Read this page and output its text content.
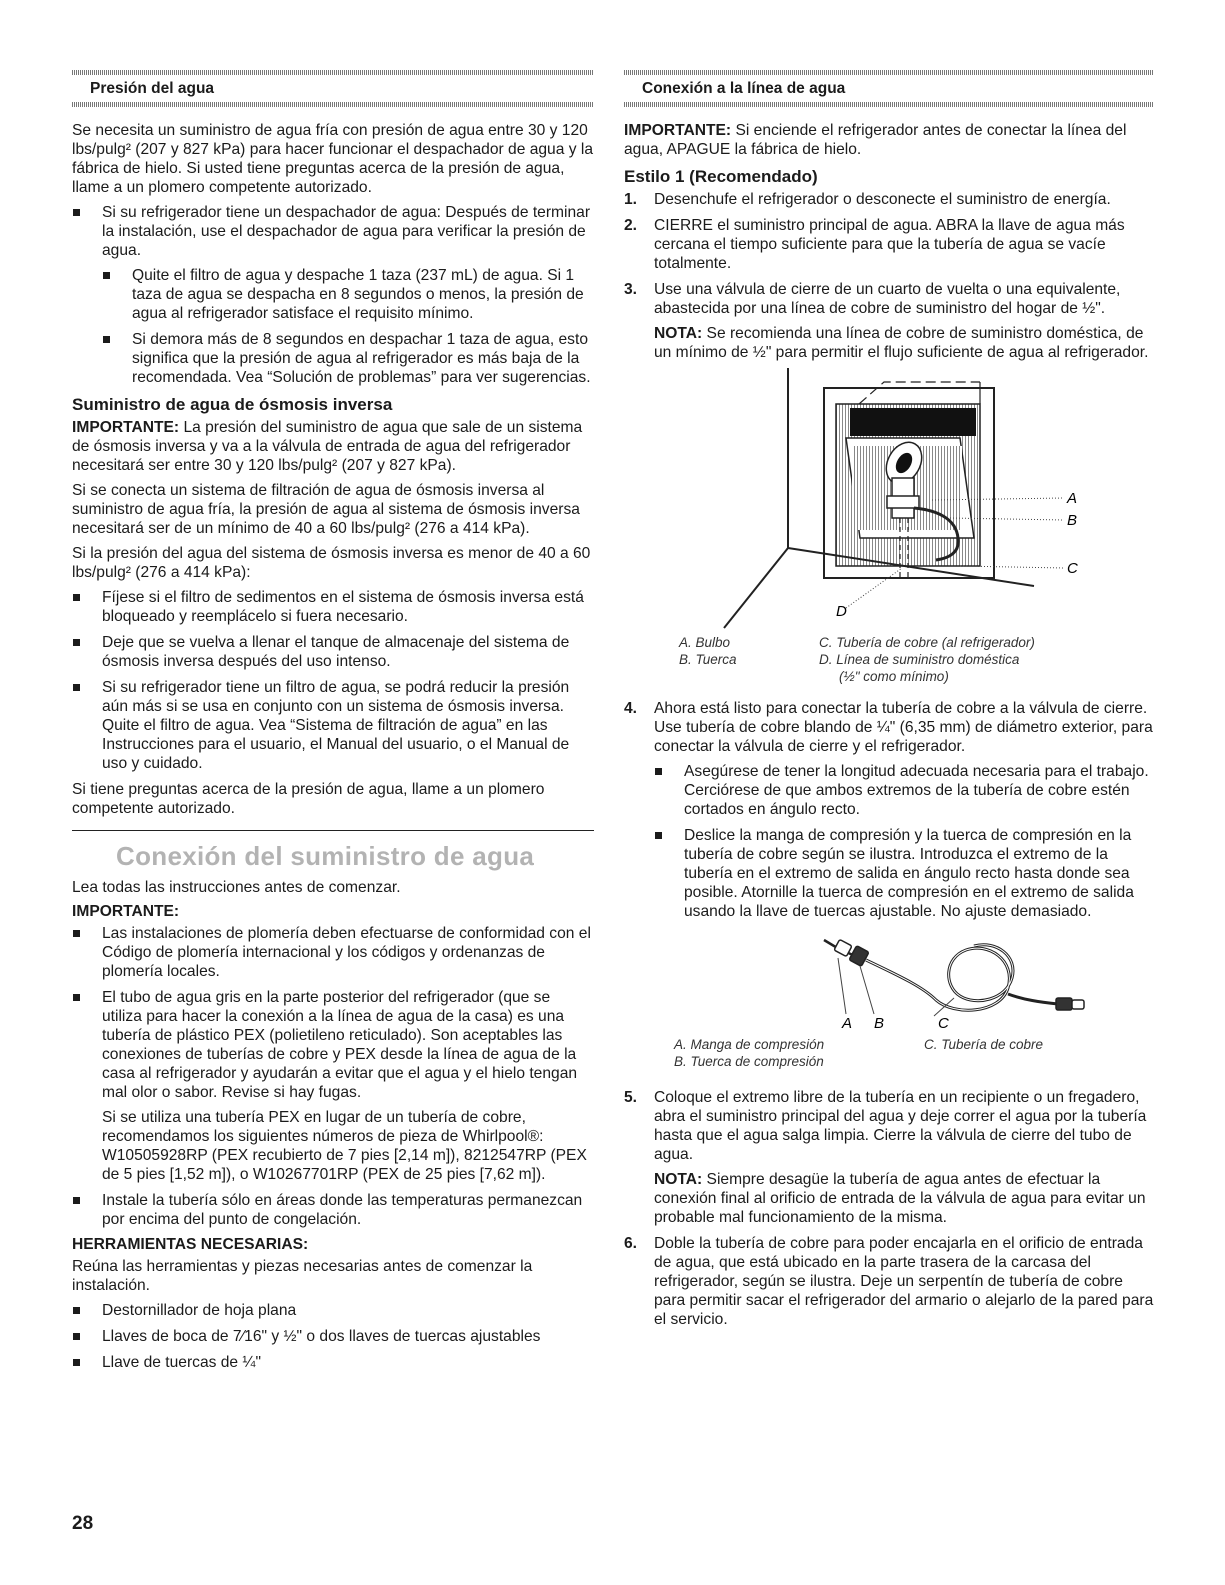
Presión del agua

Se necesita un suministro de agua fría con presión de agua entre 30 y 120 lbs/pulg² (207 y 827 kPa) para hacer funcionar el despachador de agua y la fábrica de hielo. Si usted tiene preguntas acerca de la presión de agua, llame a un plomero competente autorizado.

Si su refrigerador tiene un despachador de agua: Después de terminar la instalación, use el despachador de agua para verificar la presión de agua.
Quite el filtro de agua y despache 1 taza (237 mL) de agua. Si 1 taza de agua se despacha en 8 segundos o menos, la presión de agua al refrigerador satisface el requisito mínimo.
Si demora más de 8 segundos en despachar 1 taza de agua, esto significa que la presión de agua al refrigerador es más baja de la recomendada. Vea “Solución de problemas” para ver sugerencias.
Suministro de agua de ósmosis inversa

IMPORTANTE: La presión del suministro de agua que sale de un sistema de ósmosis inversa y va a la válvula de entrada de agua del refrigerador necesitará ser entre 30 y 120 lbs/pulg² (207 y 827 kPa).

Si se conecta un sistema de filtración de agua de ósmosis inversa al suministro de agua fría, la presión de agua al sistema de ósmosis inversa necesitará ser de un mínimo de 40 a 60 lbs/pulg² (276 a 414 kPa).

Si la presión del agua del sistema de ósmosis inversa es menor de 40 a 60 lbs/pulg² (276 a 414 kPa):

Fíjese si el filtro de sedimentos en el sistema de ósmosis inversa está bloqueado y reemplácelo si fuera necesario.
Deje que se vuelva a llenar el tanque de almacenaje del sistema de ósmosis inversa después del uso intenso.
Si su refrigerador tiene un filtro de agua, se podrá reducir la presión aún más si se usa en conjunto con un sistema de ósmosis inversa. Quite el filtro de agua. Vea “Sistema de filtración de agua” en las Instrucciones para el usuario, el Manual del usuario, o el Manual de uso y cuidado.

Si tiene preguntas acerca de la presión de agua, llame a un plomero competente autorizado.

Conexión del suministro de agua

Lea todas las instrucciones antes de comenzar.

IMPORTANTE:
Las instalaciones de plomería deben efectuarse de conformidad con el Código de plomería internacional y los códigos y ordenanzas de plomería locales.

El tubo de agua gris en la parte posterior del refrigerador (que se utiliza para hacer la conexión a la línea de agua de la casa) es una tubería de plástico PEX (polietileno reticulado). Son aceptables las conexiones de tuberías de cobre y PEX desde la línea de agua de la casa al refrigerador y ayudarán a evitar que el agua y el hielo tengan mal olor o sabor. Revise si hay fugas.

Si se utiliza una tubería PEX en lugar de un tubería de cobre, recomendamos los siguientes números de pieza de Whirlpool®: W10505928RP (PEX recubierto de 7 pies [2,14 m]), 8212547RP (PEX de 5 pies [1,52 m]), o W10267701RP (PEX de 25 pies [7,62 m]).

Instale la tubería sólo en áreas donde las temperaturas permanezcan por encima del punto de congelación.
HERRAMIENTAS NECESARIAS:

Reúna las herramientas y piezas necesarias antes de comenzar la instalación.

Destornillador de hoja plana
Llaves de boca de 7⁄16" y ½" o dos llaves de tuercas ajustables
Llave de tuercas de ¼"
Conexión a la línea de agua

IMPORTANTE: Si enciende el refrigerador antes de conectar la línea del agua, APAGUE la fábrica de hielo.

Estilo 1 (Recomendado)
1. Desenchufe el refrigerador o desconecte el suministro de energía.
2. CIERRE el suministro principal de agua. ABRA la llave de agua más cercana el tiempo suficiente para que la tubería de agua se vacíe totalmente.
3. Use una válvula de cierre de un cuarto de vuelta o una equivalente, abastecida por una línea de cobre de suministro del hogar de ½".

NOTA: Se recomienda una línea de cobre de suministro doméstica, de un mínimo de ½" para permitir el flujo suficiente de agua al refrigerador.

A
B
C
D
A. Bulbo	C. Tubería de cobre (al refrigerador)
B. Tuerca	D. Línea de suministro doméstica
(½" como mínimo)
4. Ahora está listo para conectar la tubería de cobre a la válvula de cierre. Use tubería de cobre blando de ¼" (6,35 mm) de diámetro exterior, para conectar la válvula de cierre y el refrigerador.
Asegúrese de tener la longitud adecuada necesaria para el trabajo. Cerciórese de que ambos extremos de la tubería de cobre estén cortados en ángulo recto.
Deslice la manga de compresión y la tuerca de compresión en la tubería de cobre según se ilustra. Introduzca el extremo de la tubería en el extremo de salida en ángulo recto hasta donde sea posible. Atornille la tuerca de compresión en el extremo de salida usando la llave de tuercas ajustable. No ajuste demasiado.
A B	C
A. Manga de compresión	C. Tubería de cobre
B. Tuerca de compresión
5. Coloque el extremo libre de la tubería en un recipiente o un fregadero, abra el suministro principal del agua y deje correr el agua por la tubería hasta que el agua salga limpia. Cierre la válvula de cierre del tubo de agua.

NOTA: Siempre desagüe la tubería de agua antes de efectuar la conexión final al orificio de entrada de la válvula de agua para evitar un probable mal funcionamiento de la misma.

6. Doble la tubería de cobre para poder encajarla en el orificio de entrada de agua, que está ubicado en la parte trasera de la carcasa del refrigerador, según se ilustra. Deje un serpentín de tubería de cobre para permitir sacar el refrigerador del armario o alejarlo de la pared para el servicio.
28
